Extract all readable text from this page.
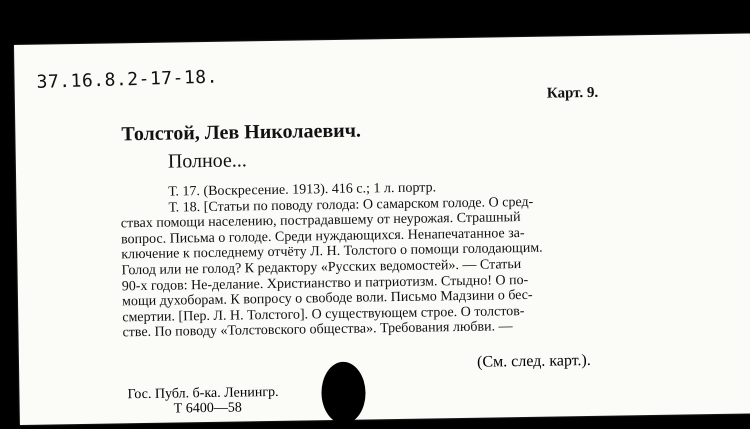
37.16.8.2-17-18.
Карт. 9.
Толстой, Лев Николаевич.
Полное...
Т. 17. (Воскресение. 1913). 416 с.; 1 л. портр.
Т. 18. [Статьи по поводу голода: О самарском голоде. О сред-
ствах помощи населению, пострадавшему от неурожая. Страшный
вопрос. Письма о голоде. Среди нуждающихся. Ненапечатанное за-
ключение к последнему отчёту Л. Н. Толстого о помощи голодающим.
Голод или не голод? К редактору «Русских ведомостей». — Статьи
90-х годов: Не-делание. Христианство и патриотизм. Стыдно! О по-
мощи духоборам. К вопросу о свободе воли. Письмо Мадзини о бес-
смертии. [Пер. Л. Н. Толстого]. О существующем строе. О толстов-
стве. По поводу «Толстовского общества». Требования любви. —
(См. след. карт.).
Гос. Публ. б-ка. Ленингр.
Т 6400—58
